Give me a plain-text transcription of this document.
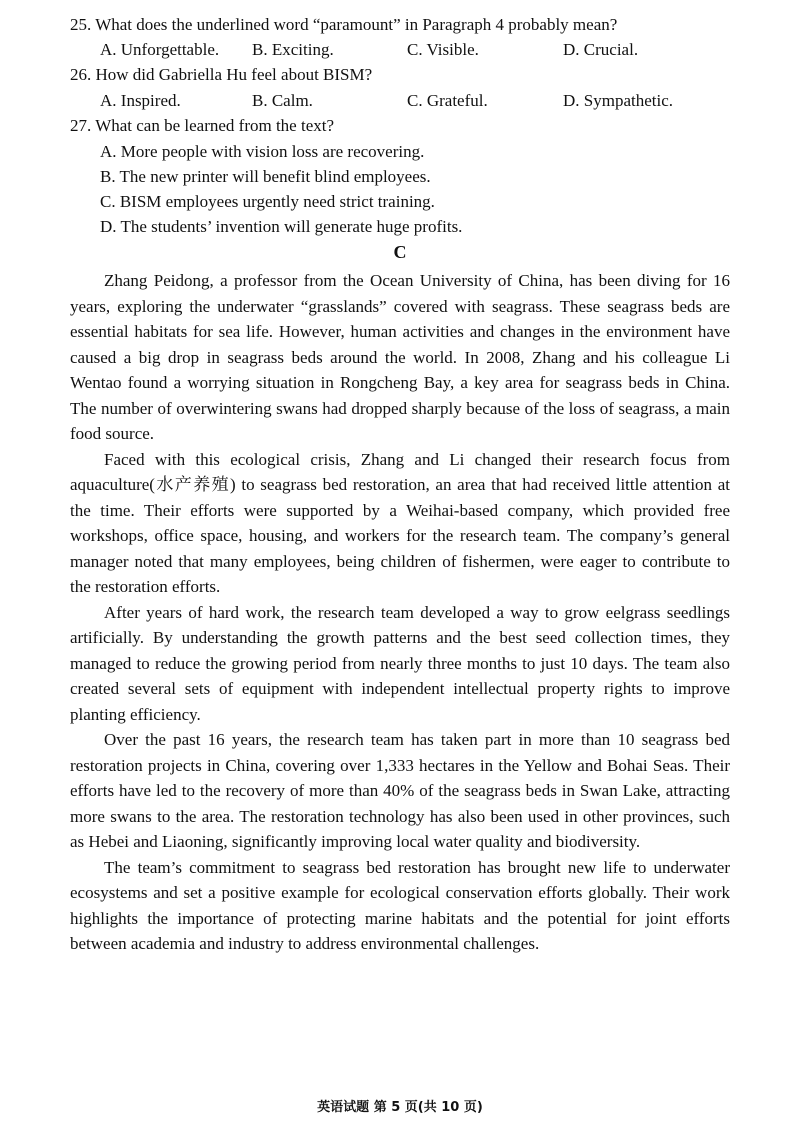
25. What does the underlined word “paramount” in Paragraph 4 probably mean?
A. Unforgettable. B. Exciting.	C. Visible.	D. Crucial.
26. How did Gabriella Hu feel about BISM?
A. Inspired.	B. Calm.	C. Grateful.	D. Sympathetic.
27. What can be learned from the text?
A. More people with vision loss are recovering.
B. The new printer will benefit blind employees.
C. BISM employees urgently need strict training.
D. The students’ invention will generate huge profits.
C

Zhang Peidong, a professor from the Ocean University of China, has been diving for 16 years, exploring the underwater “grasslands” covered with seagrass. These seagrass beds are essential habitats for sea life. However, human activities and changes in the environment have caused a big drop in seagrass beds around the world. In 2008, Zhang and his colleague Li Wentao found a worrying situation in Rongcheng Bay, a key area for seagrass beds in China. The number of overwintering swans had dropped sharply because of the loss of seagrass, a main food source.

Faced with this ecological crisis, Zhang and Li changed their research focus from aquaculture(水产养殖) to seagrass bed restoration, an area that had received little attention at the time. Their efforts were supported by a Weihai-based company, which provided free workshops, office space, housing, and workers for the research team. The company’s general manager noted that many employees, being children of fishermen, were eager to contribute to the restoration efforts.

After years of hard work, the research team developed a way to grow eelgrass seedlings artificially. By understanding the growth patterns and the best seed collection times, they managed to reduce the growing period from nearly three months to just 10 days. The team also created several sets of equipment with independent intellectual property rights to improve planting efficiency.

Over the past 16 years, the research team has taken part in more than 10 seagrass bed restoration projects in China, covering over 1,333 hectares in the Yellow and Bohai Seas. Their efforts have led to the recovery of more than 40% of the seagrass beds in Swan Lake, attracting more swans to the area. The restoration technology has also been used in other provinces, such as Hebei and Liaoning, significantly improving local water quality and biodiversity.

The team’s commitment to seagrass bed restoration has brought new life to underwater ecosystems and set a positive example for ecological conservation efforts globally. Their work highlights the importance of protecting marine habitats and the potential for joint efforts between academia and industry to address environmental challenges.

英语试题 第 5 页(共 10 页)
